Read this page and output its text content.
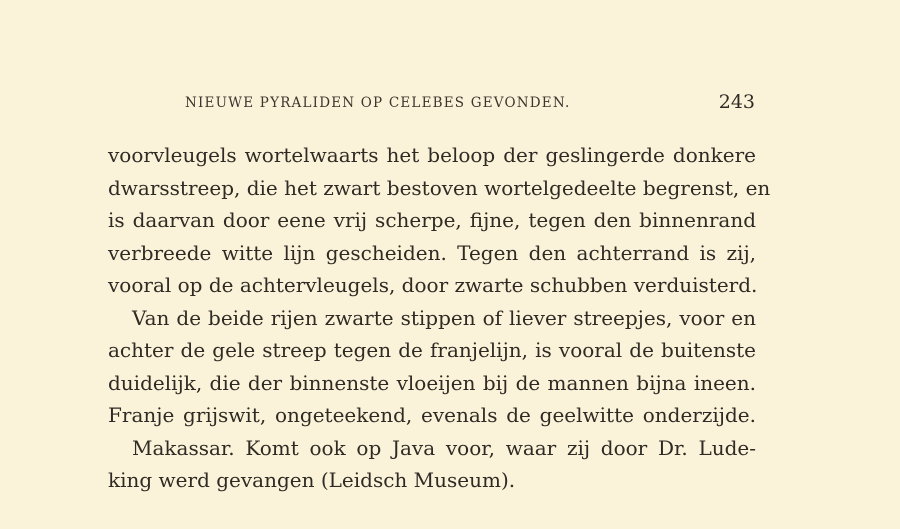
NIEUWE PYRALIDEN OP CELEBES GEVONDEN.	243
voorvleugels wortelwaarts het beloop der geslingerde donkere
dwarsstreep, die het zwart bestoven wortelgedeelte begrenst, en
is daarvan door eene vrij scherpe, fijne, tegen den binnenrand
verbreede witte lijn gescheiden. Tegen den achterrand is zij,
vooral op de achtervleugels, door zwarte schubben verduisterd.
Van de beide rijen zwarte stippen of liever streepjes, voor en
achter de gele streep tegen de franjelijn, is vooral de buitenste
duidelijk, die der binnenste vloeijen bij de mannen bijna ineen.
Franje grijswit, ongeteekend, evenals de geelwitte onderzijde.
Makassar. Komt ook op Java voor, waar zij door Dr. Lude-
king werd gevangen (Leidsch Museum).
